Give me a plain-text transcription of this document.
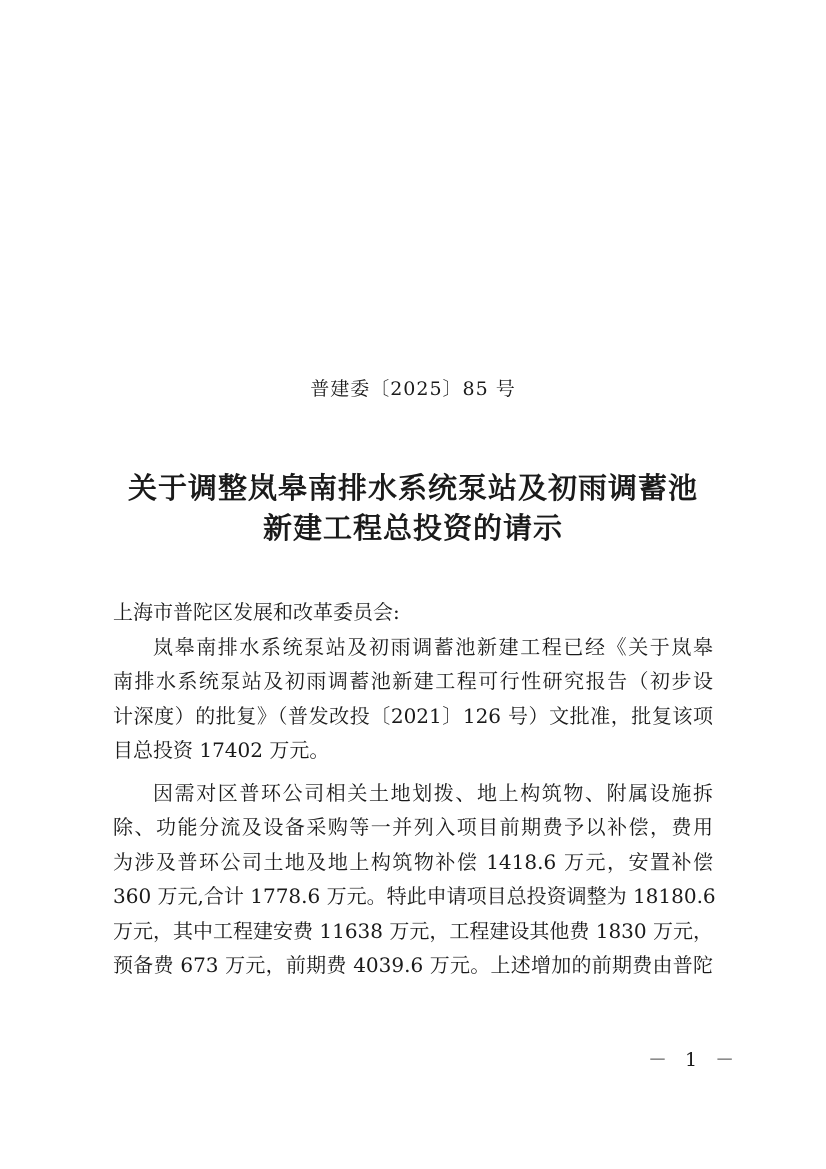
普建委〔2025〕85 号
关于调整岚皋南排水系统泵站及初雨调蓄池
新建工程总投资的请示
上海市普陀区发展和改革委员会:
岚皋南排水系统泵站及初雨调蓄池新建工程已经《关于岚皋
南排水系统泵站及初雨调蓄池新建工程可行性研究报告（初步设
计深度）的批复》（普发改投〔2021〕126 号）文批准，批复该项
目总投资 17402 万元。
因需对区普环公司相关土地划拨、地上构筑物、附属设施拆
除、功能分流及设备采购等一并列入项目前期费予以补偿，费用
为涉及普环公司土地及地上构筑物补偿 1418.6 万元，安置补偿
360 万元,合计 1778.6 万元。特此申请项目总投资调整为 18180.6
万元，其中工程建安费 11638 万元，工程建设其他费 1830 万元，
预备费 673 万元，前期费 4039.6 万元。上述增加的前期费由普陀
－ 1 －
